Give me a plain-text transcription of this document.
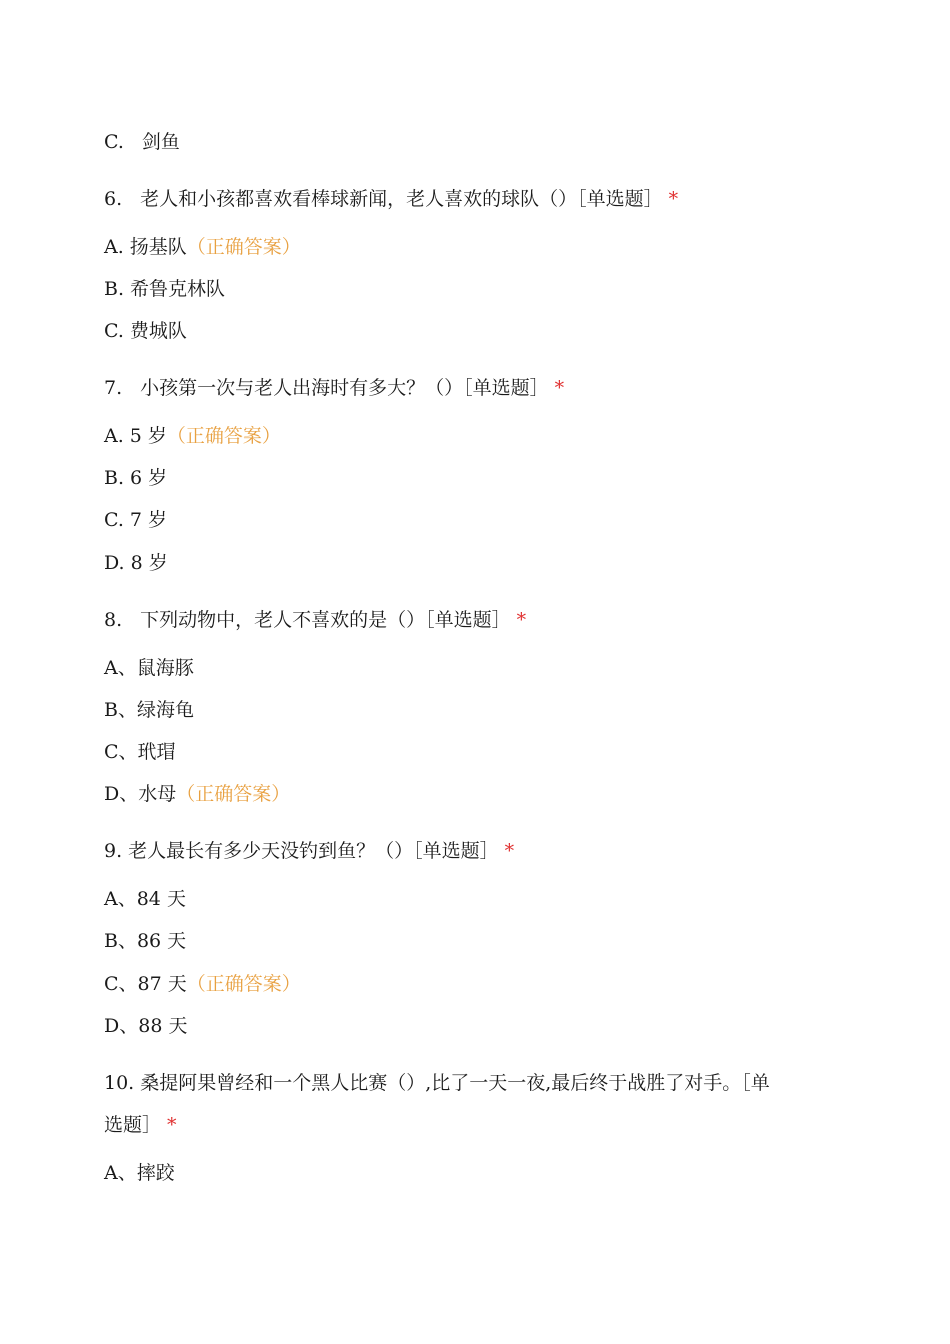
C. 剑鱼
6. 老人和小孩都喜欢看棒球新闻，老人喜欢的球队（）［单选题］ *
A. 扬基队（正确答案）
B. 希鲁克林队
C. 费城队
7. 小孩第一次与老人出海时有多大？（）［单选题］ *
A. 5 岁（正确答案）
B. 6 岁
C. 7 岁
D. 8 岁
8. 下列动物中，老人不喜欢的是（）［单选题］ *
A、鼠海豚
B、绿海龟
C、玳瑁
D、水母（正确答案）
9. 老人最长有多少天没钓到鱼？（）［单选题］ *
A、84 天
B、86 天
C、87 天（正确答案）
D、88 天
10. 桑提阿果曾经和一个黑人比赛（）,比了一天一夜,最后终于战胜了对手。［单
选题］ *
A、摔跤
